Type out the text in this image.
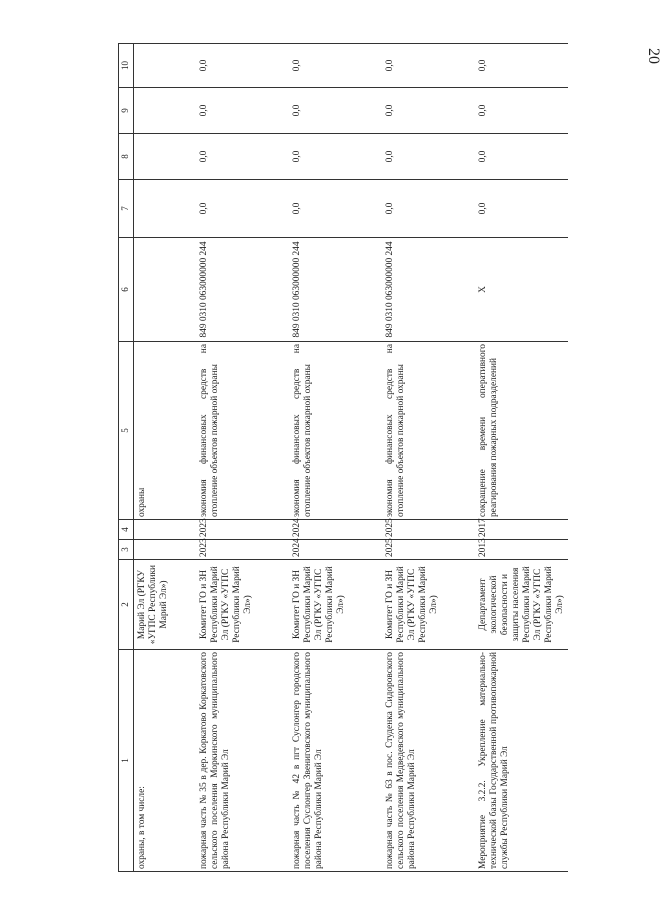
20
1	2	3	4	5	6	7	8	9	10
охраны, в том числе:	Марий Эл (РГКУ «УГПС Республики Марий Эл»)			охраны					
пожарная часть № 35 в дер. Коркатово Коркатовского сельского поселения Моркинского муниципального района Республики Марий Эл	Комитет ГО и ЗН Республики Марий Эл (РГКУ «УГПС Республики Марий Эл»)	2023	2023	экономия финансовых средств на отопление объектов пожарной охраны	849 0310 063000000 244	0,0	0,0	0,0	0,0
пожарная часть № 42 в пгт Суслонгер городского поселения Суслонгер Звениговского муниципального района Республики Марий Эл	Комитет ГО и ЗН Республики Марий Эл (РГКУ «УГПС Республики Марий Эл»)	2024	2024	экономия финансовых средств на отопление объектов пожарной охраны	849 0310 063000000 244	0,0	0,0	0,0	0,0
пожарная часть № 63 в пос. Студенка Сидоровского сельского поселения Медведевского муниципального района Республики Марий Эл	Комитет ГО и ЗН Республики Марий Эл (РГКУ «УГПС Республики Марий Эл»)	2025	2025	экономия финансовых средств на отопление объектов пожарной охраны	849 0310 063000000 244	0,0	0,0	0,0	0,0
Мероприятие 3.2.2. Укрепление материально-технической базы Государственной противопожарной службы Республики Марий Эл	Департамент экологической безопасности и защиты населения Республики Марий Эл (РГКУ «УГПС Республики Марий Эл»)	2013	2017	сокращение времени оперативного реагирования пожарных подразделений	Х	0,0	0,0	0,0	0,0
